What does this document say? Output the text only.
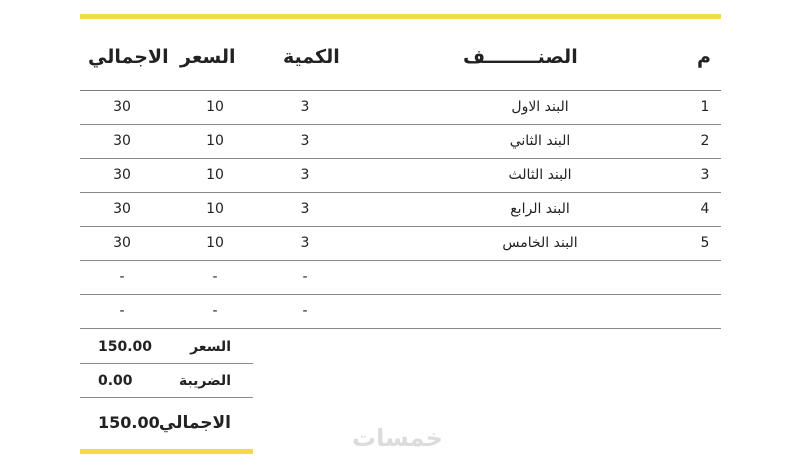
م
الصنــــــــف
الكمية
السعر
الاجمالي
1
البند الاول
3
10
30
2
البند الثاني
3
10
30
3
البند الثالث
3
10
30
4
البند الرابع
3
10
30
5
البند الخامس
3
10
30
-
-
-
-
-
-
السعر
150.00
الضريبة
0.00
الاجمالي
150.00
خمسات
